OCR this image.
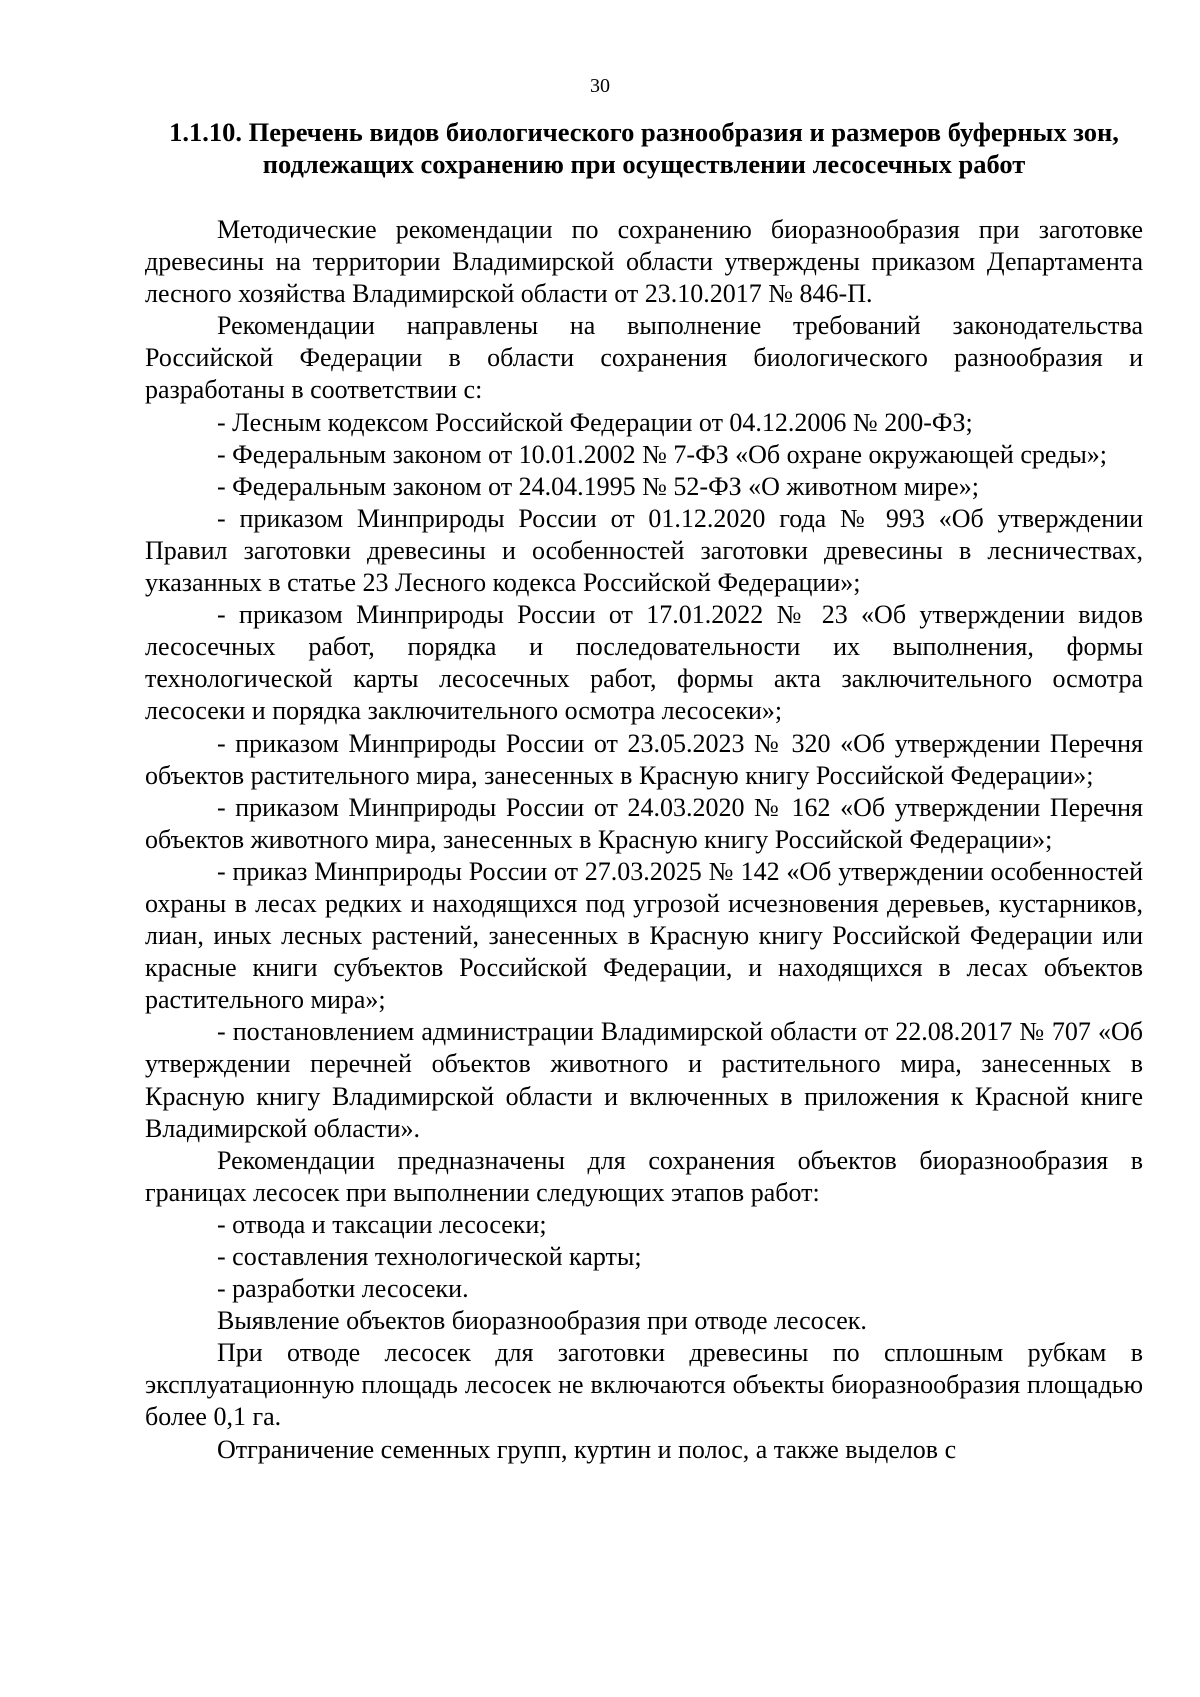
30
1.1.10. Перечень видов биологического разнообразия и размеров буферных зон, подлежащих сохранению при осуществлении лесосечных работ

Методические рекомендации по сохранению биоразнообразия при заготовке древесины на территории Владимирской области утверждены приказом Департамента лесного хозяйства Владимирской области от 23.10.2017 № 846-П.

Рекомендации направлены на выполнение требований законодательства Российской Федерации в области сохранения биологического разнообразия и разработаны в соответствии с:

- Лесным кодексом Российской Федерации от 04.12.2006 № 200-ФЗ;

- Федеральным законом от 10.01.2002 № 7-ФЗ «Об охране окружающей среды»;

- Федеральным законом от 24.04.1995 № 52-ФЗ «О животном мире»;

- приказом Минприроды России от 01.12.2020 года № 993 «Об утверждении Правил заготовки древесины и особенностей заготовки древесины в лесничествах, указанных в статье 23 Лесного кодекса Российской Федерации»;

- приказом Минприроды России от 17.01.2022 № 23 «Об утверждении видов лесосечных работ, порядка и последовательности их выполнения, формы технологической карты лесосечных работ, формы акта заключительного осмотра лесосеки и порядка заключительного осмотра лесосеки»;

- приказом Минприроды России от 23.05.2023 № 320 «Об утверждении Перечня объектов растительного мира, занесенных в Красную книгу Российской Федерации»;

- приказом Минприроды России от 24.03.2020 № 162 «Об утверждении Перечня объектов животного мира, занесенных в Красную книгу Российской Федерации»;

- приказ Минприроды России от 27.03.2025 № 142 «Об утверждении особенностей охраны в лесах редких и находящихся под угрозой исчезновения деревьев, кустарников, лиан, иных лесных растений, занесенных в Красную книгу Российской Федерации или красные книги субъектов Российской Федерации, и находящихся в лесах объектов растительного мира»;

- постановлением администрации Владимирской области от 22.08.2017 № 707 «Об утверждении перечней объектов животного и растительного мира, занесенных в Красную книгу Владимирской области и включенных в приложения к Красной книге Владимирской области».

Рекомендации предназначены для сохранения объектов биоразнообразия в границах лесосек при выполнении следующих этапов работ:

- отвода и таксации лесосеки;

- составления технологической карты;

- разработки лесосеки.

Выявление объектов биоразнообразия при отводе лесосек.

При отводе лесосек для заготовки древесины по сплошным рубкам в эксплуатационную площадь лесосек не включаются объекты биоразнообразия площадью более 0,1 га.

Отграничение семенных групп, куртин и полос, а также выделов с
